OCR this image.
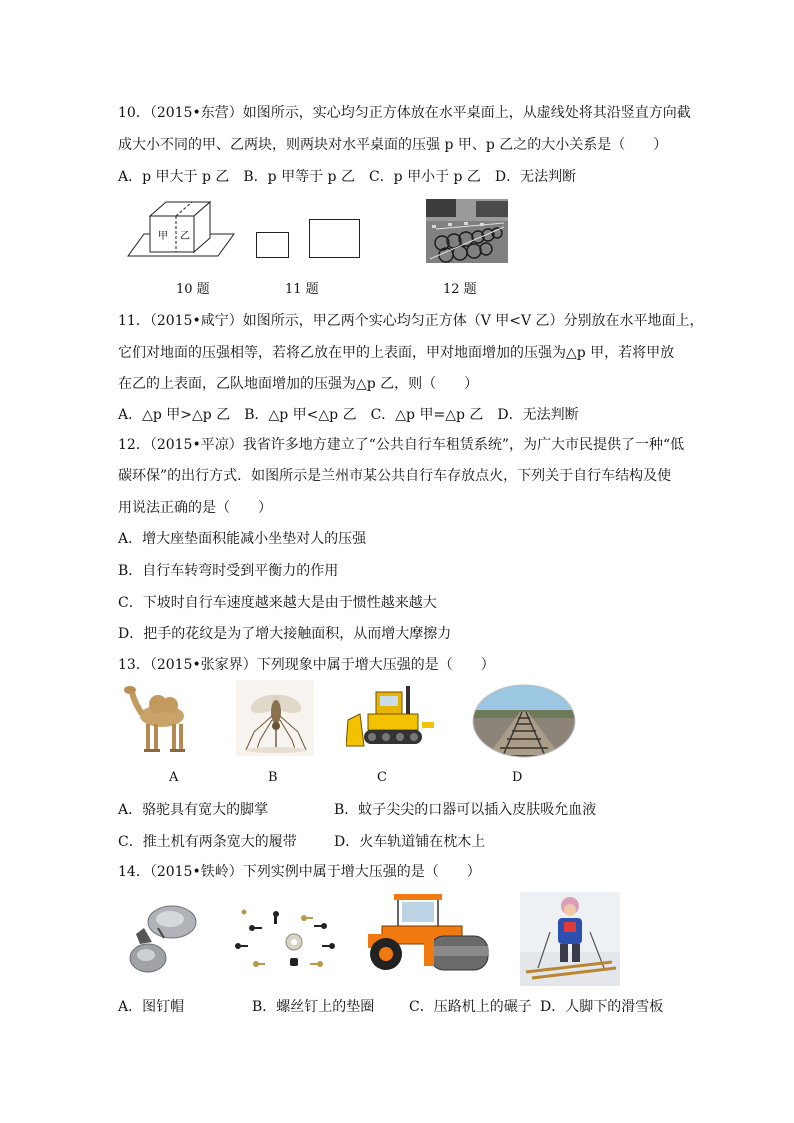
10．（2015•东营）如图所示，实心均匀正方体放在水平桌面上，从虚线处将其沿竖直方向截
成大小不同的甲、乙两块，则两块对水平桌面的压强 p 甲、p 乙之的大小关系是（　　）
A．p 甲大于 p 乙　B．p 甲等于 p 乙　C．p 甲小于 p 乙　D．无法判断
甲 乙
10 题	11 题	12 题
11．（2015•咸宁）如图所示，甲乙两个实心均匀正方体（V 甲<V 乙）分别放在水平地面上，
它们对地面的压强相等，若将乙放在甲的上表面，甲对地面增加的压强为△p 甲，若将甲放
在乙的上表面，乙队地面增加的压强为△p 乙，则（　　）
A．△p 甲>△p 乙　B．△p 甲<△p 乙　C．△p 甲=△p 乙　D．无法判断
12．（2015•平凉）我省许多地方建立了“公共自行车租赁系统”，为广大市民提供了一种“低
碳环保”的出行方式．如图所示是兰州市某公共自行车存放点火，下列关于自行车结构及使
用说法正确的是（　　）
A．增大座垫面积能减小坐垫对人的压强
B．自行车转弯时受到平衡力的作用
C．下坡时自行车速度越来越大是由于惯性越来越大
D．把手的花纹是为了增大接触面积，从而增大摩擦力
13．（2015•张家界）下列现象中属于增大压强的是（　　）
A	B	C	D
A．骆驼具有宽大的脚掌	B．蚊子尖尖的口器可以插入皮肤吸允血液
C．推土机有两条宽大的履带	D．火车轨道铺在枕木上
14．（2015•铁岭）下列实例中属于增大压强的是（　　）
A．图钉帽	B．螺丝钉上的垫圈 C．压路机上的碾子 D．人脚下的滑雪板
